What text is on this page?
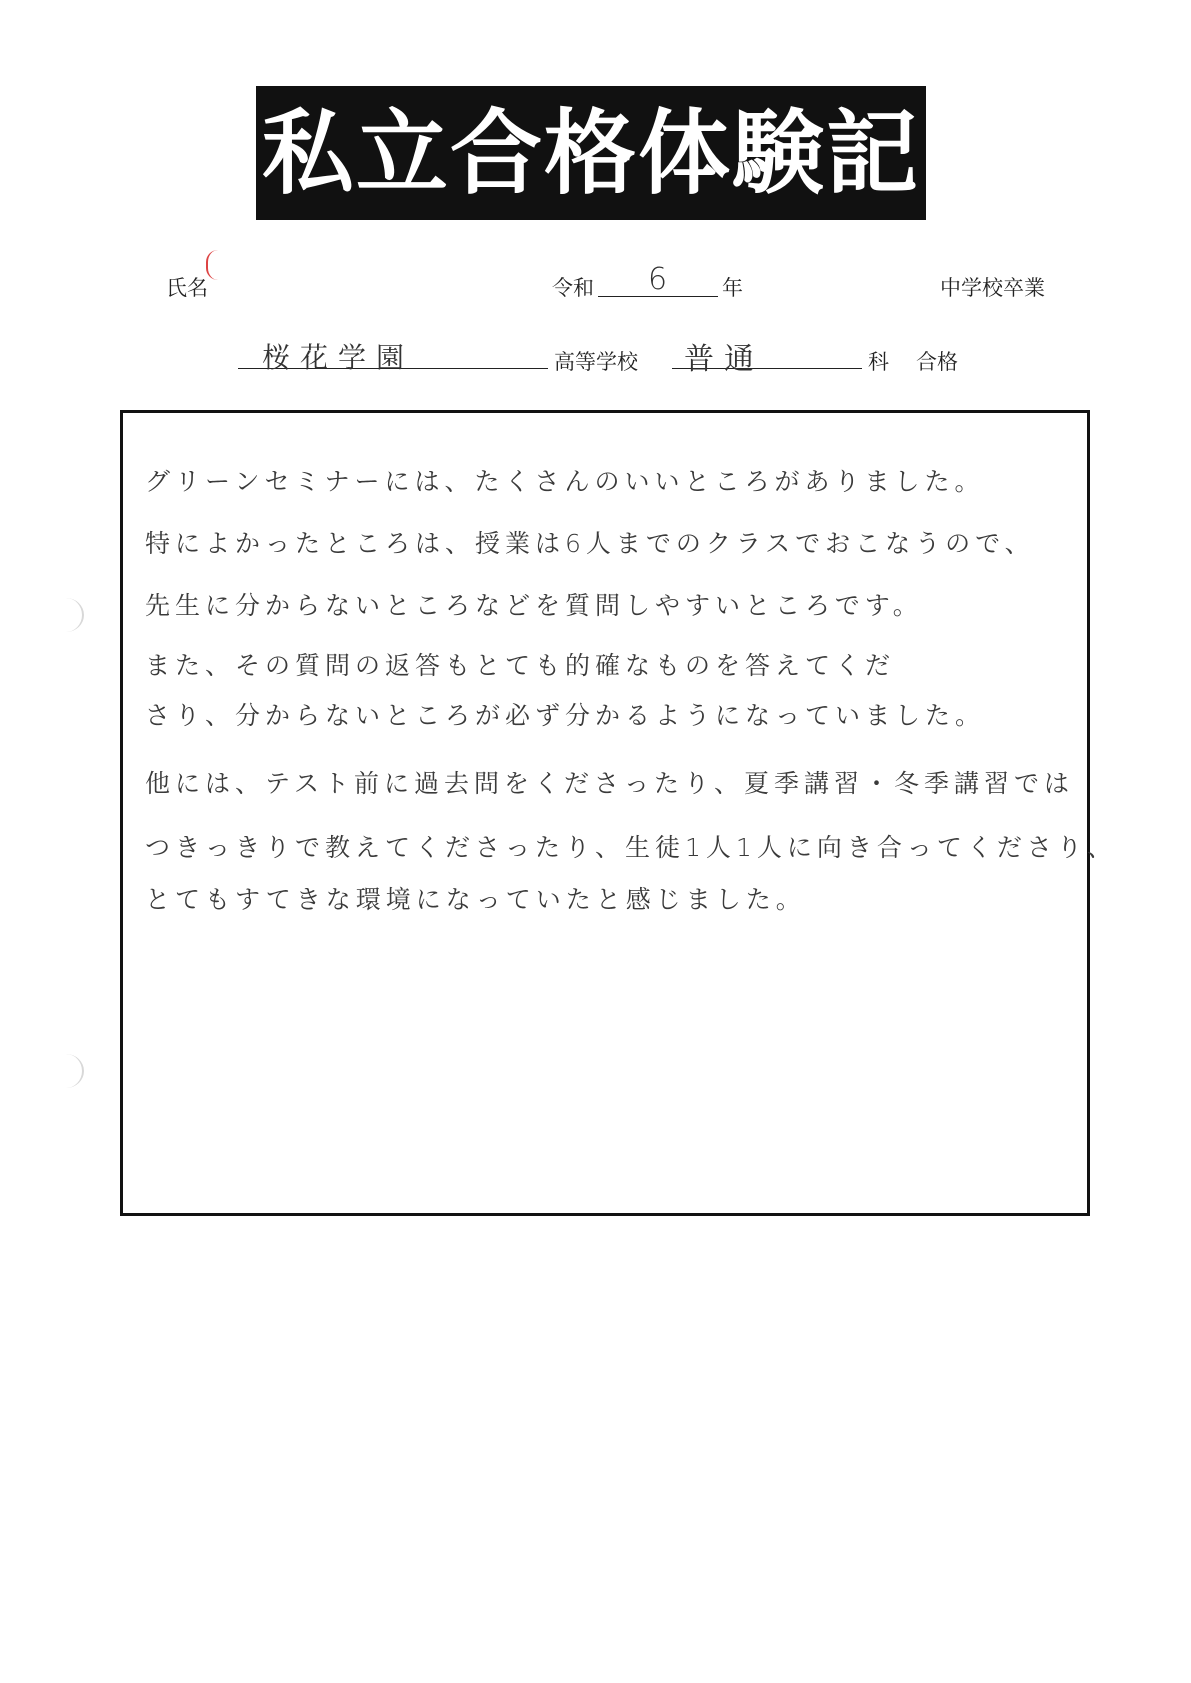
私立合格体験記
氏名	令和 6	年	中学校卒業
桜花学園	高等学校 普通	科 合格
グリーンセミナーには、たくさんのいいところがありました。
特によかったところは、授業は6人までのクラスでおこなうので、
先生に分からないところなどを質問しやすいところです。
また、その質問の返答もとても的確なものを答えてくだ
さり、分からないところが必ず分かるようになっていました。
他には、テスト前に過去問をくださったり、夏季講習・冬季講習では
つきっきりで教えてくださったり、生徒1人1人に向き合ってくださり、
とてもすてきな環境になっていたと感じました。
